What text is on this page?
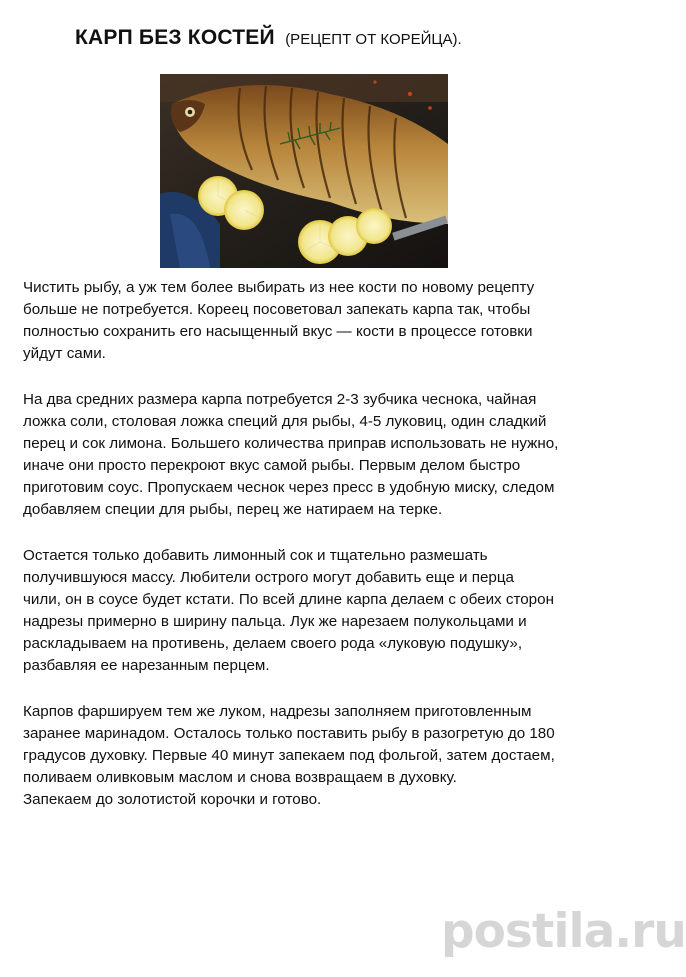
КАРП БЕЗ КОСТЕЙ (РЕЦЕПТ ОТ КОРЕЙЦА).

Чистить рыбу, а уж тем более выбирать из нее кости по новому рецепту
больше не потребуется. Кореец посоветовал запекать карпа так, чтобы
полностью сохранить его насыщенный вкус — кости в процессе готовки
уйдут сами.

На два средних размера карпа потребуется 2-3 зубчика чеснока, чайная
ложка соли, столовая ложка специй для рыбы, 4-5 луковиц, один сладкий
перец и сок лимона. Большего количества приправ использовать не нужно,
иначе они просто перекроют вкус самой рыбы. Первым делом быстро
приготовим соус. Пропускаем чеснок через пресс в удобную миску, следом
добавляем специи для рыбы, перец же натираем на терке.

Остается только добавить лимонный сок и тщательно размешать
получившуюся массу. Любители острого могут добавить еще и перца
чили, он в соусе будет кстати. По всей длине карпа делаем с обеих сторон
надрезы примерно в ширину пальца. Лук же нарезаем полукольцами и
раскладываем на противень, делаем своего рода «луковую подушку»,
разбавляя ее нарезанным перцем.

Карпов фаршируем тем же луком, надрезы заполняем приготовленным
заранее маринадом. Осталось только поставить рыбу в разогретую до 180
градусов духовку. Первые 40 минут запекаем под фольгой, затем достаем,
поливаем оливковым маслом и снова возвращаем в духовку.
Запекаем до золотистой корочки и готово.

postila.ru
